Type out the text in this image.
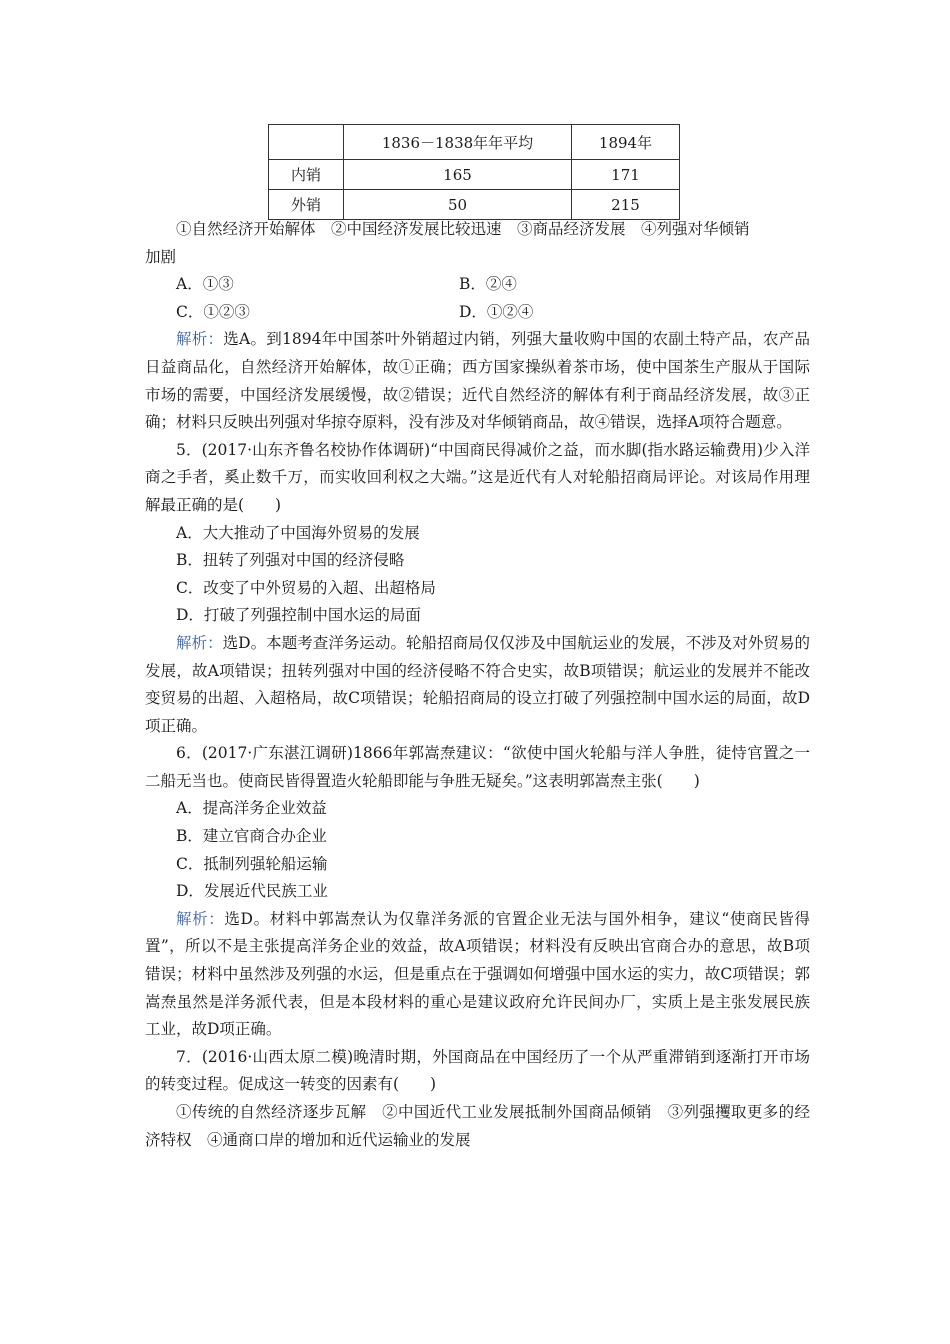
	1836－1838年年平均	1894年
内销	165	171
外销	50	215

①自然经济开始解体　②中国经济发展比较迅速　③商品经济发展　④列强对华倾销

加剧

A．①③	B．②④
C．①②③	D．①②④

解析：选A。到1894年中国茶叶外销超过内销，列强大量收购中国的农副土特产品，农产品日益商品化，自然经济开始解体，故①正确；西方国家操纵着茶市场，使中国茶生产服从于国际市场的需要，中国经济发展缓慢，故②错误；近代自然经济的解体有利于商品经济发展，故③正确；材料只反映出列强对华掠夺原料，没有涉及对华倾销商品，故④错误，选择A项符合题意。

5．(2017·山东齐鲁名校协作体调研)“中国商民得减价之益，而水脚(指水路运输费用)少入洋商之手者，奚止数千万，而实收回利权之大端。”这是近代有人对轮船招商局评论。对该局作用理解最正确的是(　　)

A．大大推动了中国海外贸易的发展

B．扭转了列强对中国的经济侵略

C．改变了中外贸易的入超、出超格局

D．打破了列强控制中国水运的局面

解析：选D。本题考查洋务运动。轮船招商局仅仅涉及中国航运业的发展，不涉及对外贸易的发展，故A项错误；扭转列强对中国的经济侵略不符合史实，故B项错误；航运业的发展并不能改变贸易的出超、入超格局，故C项错误；轮船招商局的设立打破了列强控制中国水运的局面，故D项正确。

6．(2017·广东湛江调研)1866年郭嵩焘建议：“欲使中国火轮船与洋人争胜，徒恃官置之一二船无当也。使商民皆得置造火轮船即能与争胜无疑矣。”这表明郭嵩焘主张(　　)

A．提高洋务企业效益

B．建立官商合办企业

C．抵制列强轮船运输

D．发展近代民族工业

解析：选D。材料中郭嵩焘认为仅靠洋务派的官置企业无法与国外相争，建议“使商民皆得置”，所以不是主张提高洋务企业的效益，故A项错误；材料没有反映出官商合办的意思，故B项错误；材料中虽然涉及列强的水运，但是重点在于强调如何增强中国水运的实力，故C项错误；郭嵩焘虽然是洋务派代表，但是本段材料的重心是建议政府允许民间办厂，实质上是主张发展民族工业，故D项正确。

7．(2016·山西太原二模)晚清时期，外国商品在中国经历了一个从严重滞销到逐渐打开市场的转变过程。促成这一转变的因素有(　　)

①传统的自然经济逐步瓦解　②中国近代工业发展抵制外国商品倾销　③列强攫取更多的经济特权　④通商口岸的增加和近代运输业的发展
